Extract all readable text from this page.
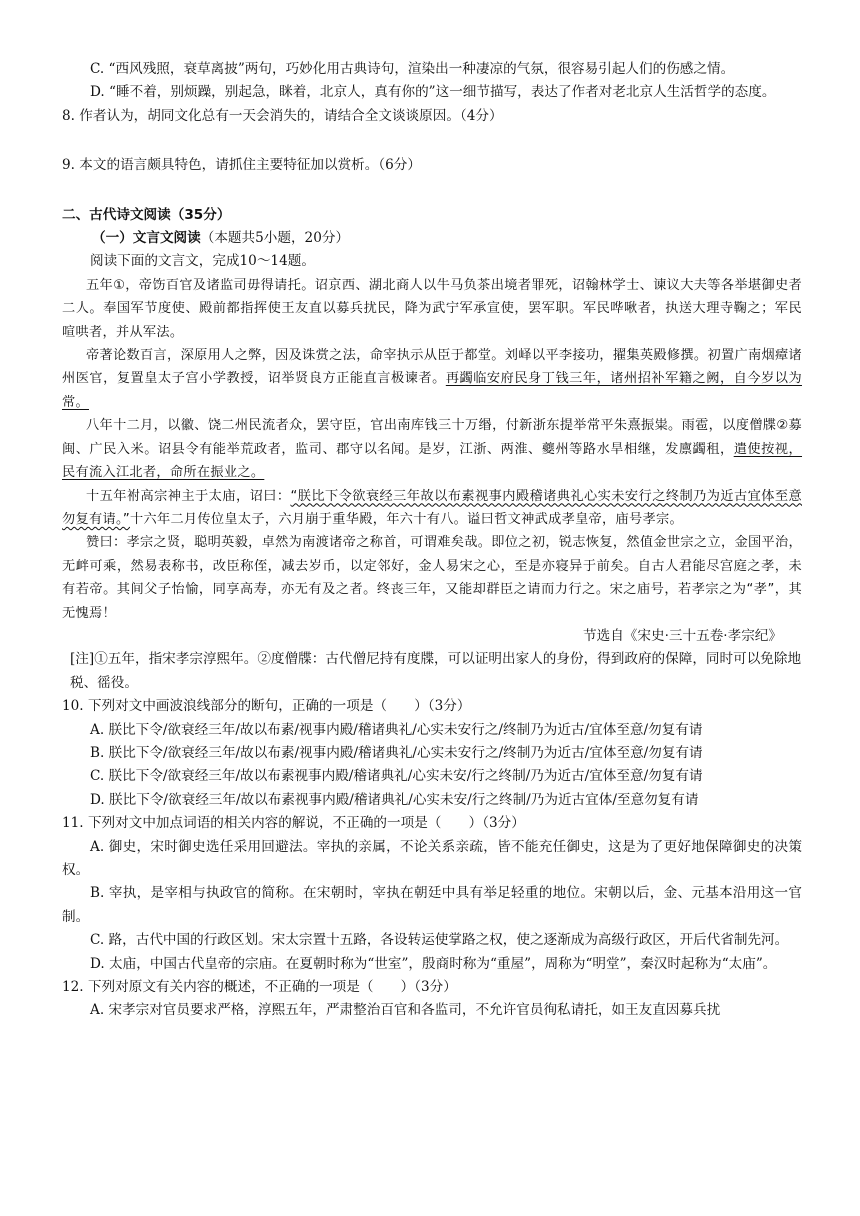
C. “西风残照，衰草离披”两句，巧妙化用古典诗句，渲染出一种凄凉的气氛，很容易引起人们的伤感之情。

D. “睡不着，别烦躁，别起急，眯着，北京人，真有你的”这一细节描写，表达了作者对老北京人生活哲学的态度。

8. 作者认为，胡同文化总有一天会消失的，请结合全文谈谈原因。（4分）

9. 本文的语言颇具特色，请抓住主要特征加以赏析。（6分）

二、古代诗文阅读（35分）

（一）文言文阅读（本题共5小题，20分）

阅读下面的文言文，完成10～14题。

五年①，帝饬百官及诸监司毋得请托。诏京西、湖北商人以牛马负茶出境者罪死，诏翰林学士、谏议大夫等各举堪御史者二人。奉国军节度使、殿前都指挥使王友直以募兵扰民，降为武宁军承宣使，罢军职。军民哗啾者，执送大理寺鞠之；军民喧哄者，并从军法。

帝著论数百言，深原用人之弊，因及诛赏之法，命宰执示从臣于都堂。刘峄以平李接功，擢集英殿修撰。初置广南烟瘴诸州医官，复置皇太子宫小学教授，诏举贤良方正能直言极谏者。再蠲临安府民身丁钱三年，诸州招补军籍之阙，自今岁以为常。

八年十二月，以徽、饶二州民流者众，罢守臣，官出南库钱三十万缗，付新浙东提举常平朱熹振粜。雨雹，以度僧牒②募闽、广民入米。诏县令有能举荒政者，监司、郡守以名闻。是岁，江浙、两淮、夔州等路水旱相继，发廪蠲租，遣使按视，民有流入江北者，命所在振业之。

十五年祔高宗神主于太庙，诏曰：“朕比下令欲衰经三年故以布素视事内殿稽诸典礼心实未安行之终制乃为近古宜体至意勿复有请。”十六年二月传位皇太子，六月崩于重华殿，年六十有八。谥曰哲文神武成孝皇帝，庙号孝宗。

赞曰：孝宗之贤，聪明英毅，卓然为南渡诸帝之称首，可谓难矣哉。即位之初，锐志恢复，然值金世宗之立，金国平治，无衅可乘，然易表称书，改臣称侄，减去岁币，以定邻好，金人易宋之心，至是亦寝异于前矣。自古人君能尽宫庭之孝，未有若帝。其间父子怡愉，同享高寿，亦无有及之者。终丧三年，又能却群臣之请而力行之。宋之庙号，若孝宗之为“孝”，其无愧焉！

节选自《宋史·三十五卷·孝宗纪》

[注]①五年，指宋孝宗淳熙年。②度僧牒：古代僧尼持有度牒，可以证明出家人的身份，得到政府的保障，同时可以免除地税、徭役。

10. 下列对文中画波浪线部分的断句，正确的一项是（　　）（3分）

A. 朕比下令/欲衰经三年/故以布素/视事内殿/稽诸典礼/心实未安行之/终制乃为近古/宜体至意/勿复有请

B. 朕比下令/欲衰经三年/故以布素/视事内殿/稽诸典礼/心实未安行之/终制乃为近古/宜体至意/勿复有请

C. 朕比下令/欲衰经三年/故以布素视事内殿/稽诸典礼/心实未安/行之终制/乃为近古/宜体至意/勿复有请

D. 朕比下令/欲衰经三年/故以布素视事内殿/稽诸典礼/心实未安/行之终制/乃为近古宜体/至意勿复有请

11. 下列对文中加点词语的相关内容的解说，不正确的一项是（　　）（3分）

A. 御史，宋时御史选任采用回避法。宰执的亲属，不论关系亲疏，皆不能充任御史，这是为了更好地保障御史的决策权。

B. 宰执，是宰相与执政官的简称。在宋朝时，宰执在朝廷中具有举足轻重的地位。宋朝以后，金、元基本沿用这一官制。

C. 路，古代中国的行政区划。宋太宗置十五路，各设转运使掌路之权，使之逐渐成为高级行政区，开后代省制先河。

D. 太庙，中国古代皇帝的宗庙。在夏朝时称为“世室”，殷商时称为“重屋”，周称为“明堂”，秦汉时起称为“太庙”。

12. 下列对原文有关内容的概述，不正确的一项是（　　）（3分）

A. 宋孝宗对官员要求严格，淳熙五年，严肃整治百官和各监司，不允许官员徇私请托，如王友直因募兵扰
